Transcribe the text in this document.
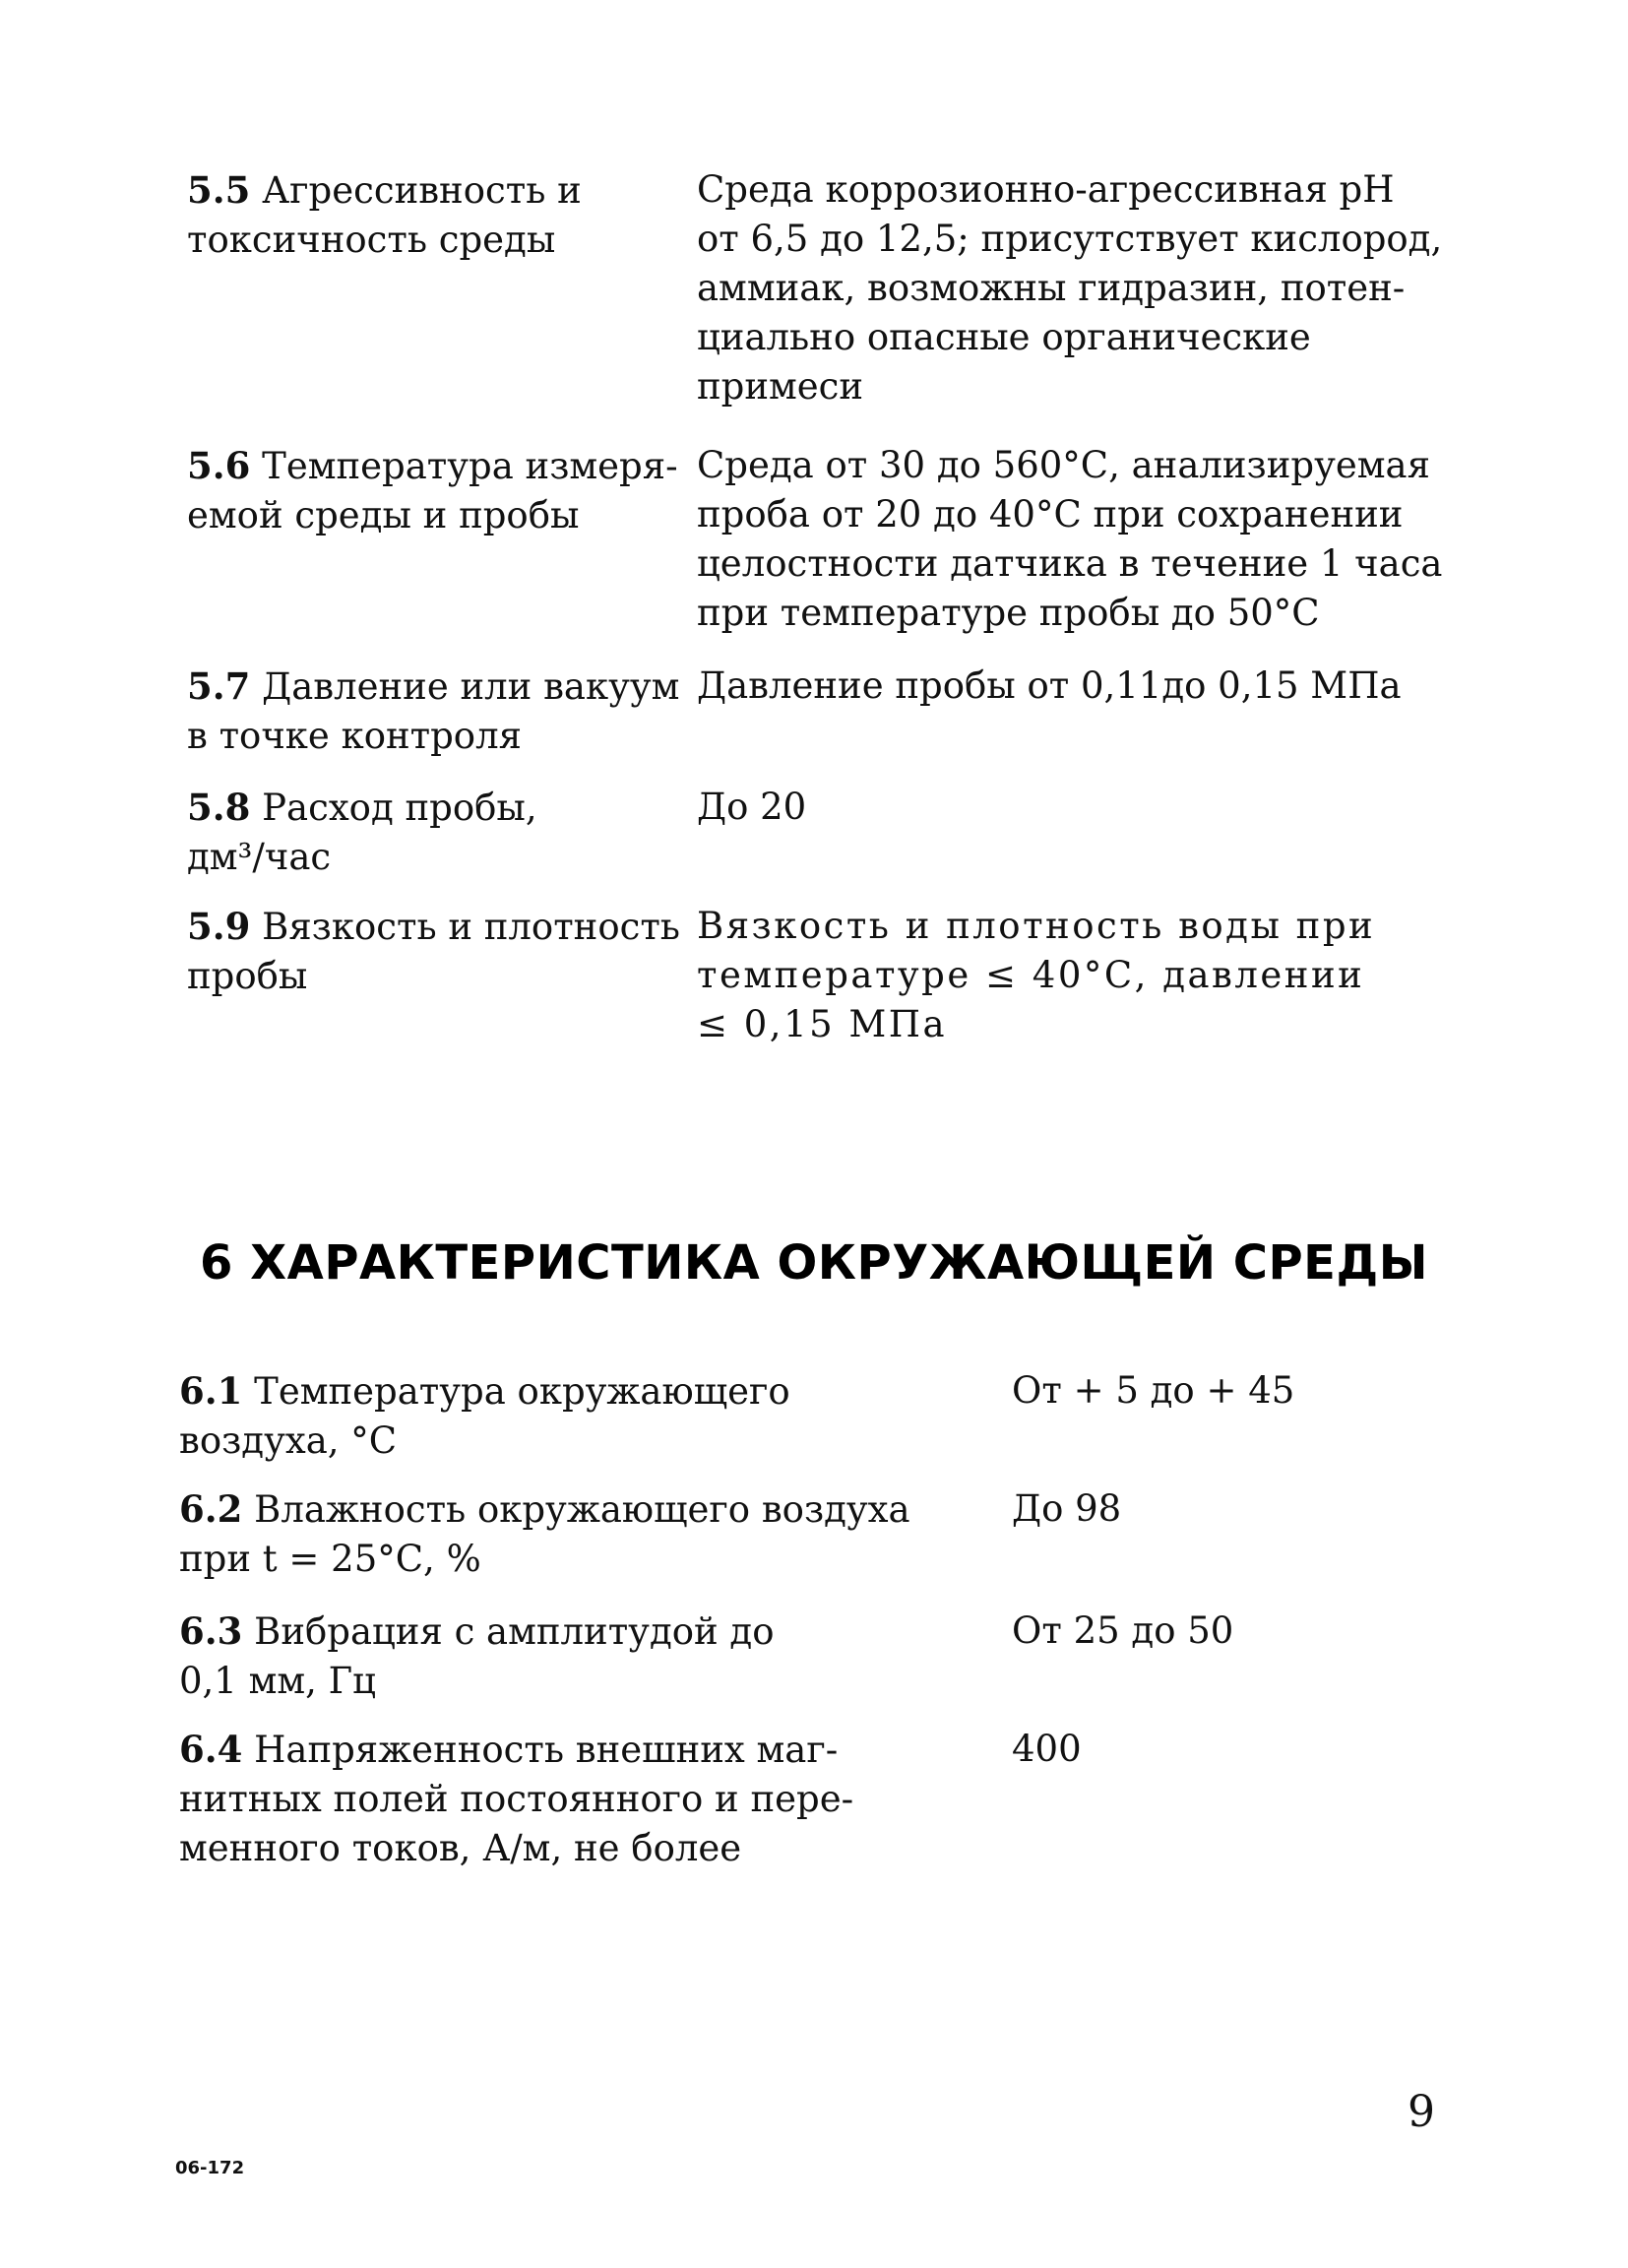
5.5 Агрессивность и
токсичность среды
Среда коррозионно-агрессивная pH
от 6,5 до 12,5; присутствует кислород,
аммиак, возможны гидразин, потен-
циально опасные органические
примеси
5.6 Температура измеря-
емой среды и пробы
Среда от 30 до 560°С, анализируемая
проба от 20 до 40°С при сохранении
целостности датчика в течение 1 часа
при температуре пробы до 50°С
5.7 Давление или вакуум
в точке контроля
Давление пробы от 0,11до 0,15 МПа
5.8 Расход пробы,
дм³/час
До 20
5.9 Вязкость и плотность
пробы
Вязкость и плотность воды при
температуре ≤ 40°С, давлении
≤ 0,15 МПа
6 ХАРАКТЕРИСТИКА ОКРУЖАЮЩЕЙ СРЕДЫ
6.1 Температура окружающего
воздуха, °С
От + 5 до + 45
6.2 Влажность окружающего воздуха
при t = 25°С, %
До 98
6.3 Вибрация с амплитудой до
0,1 мм, Гц
От 25 до 50
6.4 Напряженность внешних маг-
нитных полей постоянного и пере-
менного токов, А/м, не более
400
9
06-172
